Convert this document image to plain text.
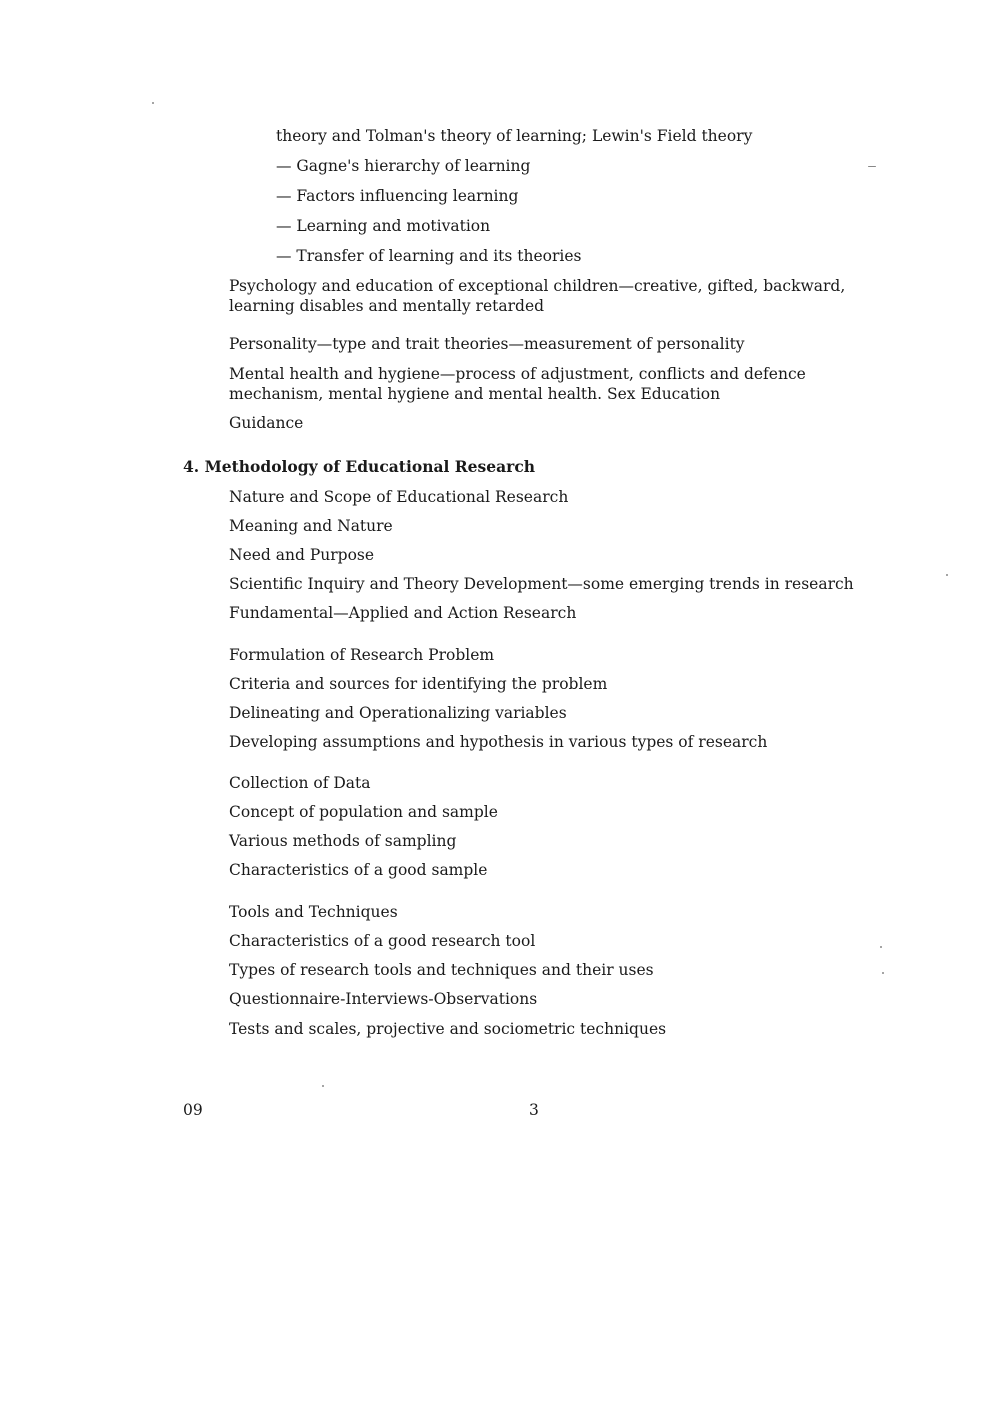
theory and Tolman's theory of learning; Lewin's Field theory
— Gagne's hierarchy of learning
— Factors influencing learning
— Learning and motivation
— Transfer of learning and its theories
Psychology and education of exceptional children—creative, gifted, backward, learning disables and mentally retarded
Personality—type and trait theories—measurement of personality
Mental health and hygiene—process of adjustment, conflicts and defence mechanism, mental hygiene and mental health. Sex Education
Guidance
4. Methodology of Educational Research
Nature and Scope of Educational Research
Meaning and Nature
Need and Purpose
Scientific Inquiry and Theory Development—some emerging trends in research
Fundamental—Applied and Action Research
Formulation of Research Problem
Criteria and sources for identifying the problem
Delineating and Operationalizing variables
Developing assumptions and hypothesis in various types of research
Collection of Data
Concept of population and sample
Various methods of sampling
Characteristics of a good sample
Tools and Techniques
Characteristics of a good research tool
Types of research tools and techniques and their uses
Questionnaire-Interviews-Observations
Tests and scales, projective and sociometric techniques
09	3
